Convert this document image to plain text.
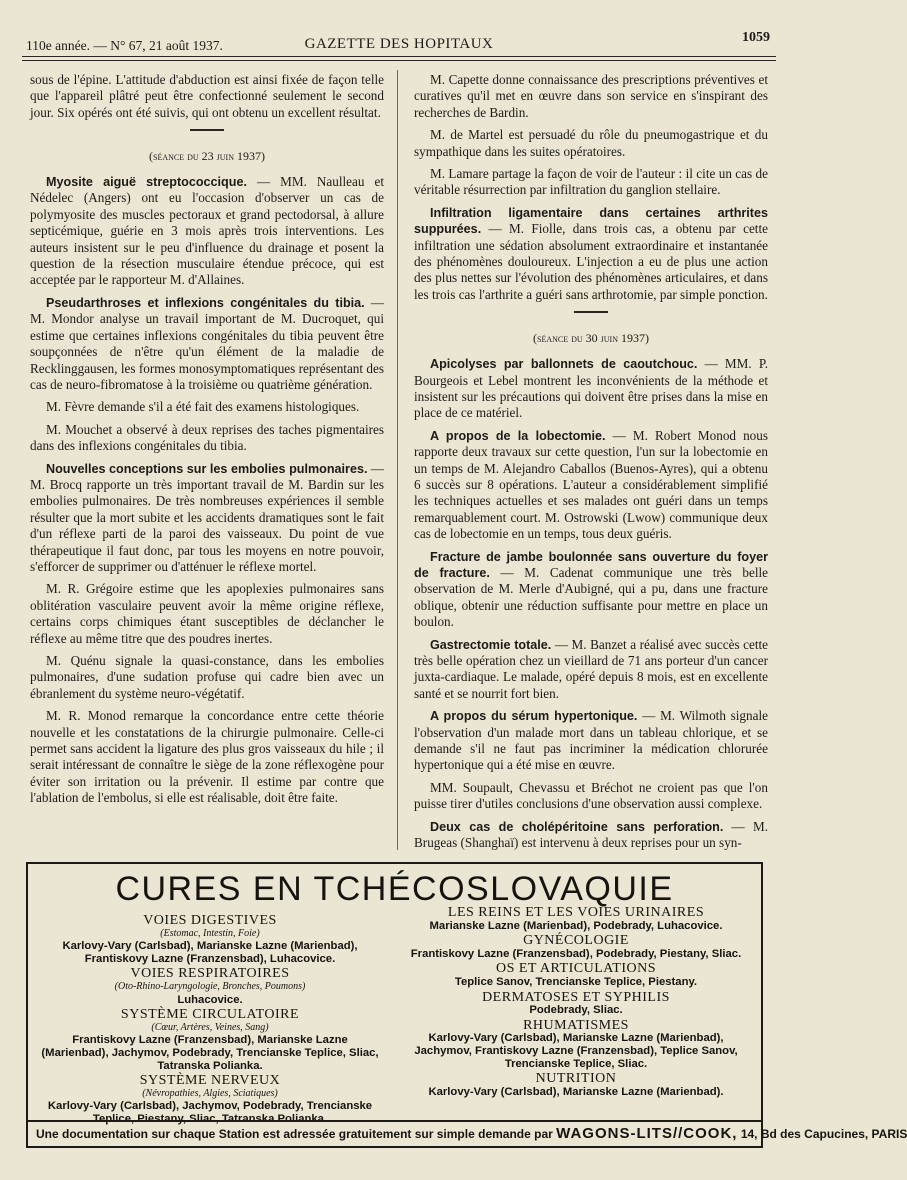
110e année. — N° 67, 21 août 1937.	GAZETTE DES HOPITAUX	1059

sous de l'épine. L'attitude d'abduction est ainsi fixée de façon telle que l'appareil plâtré peut être confectionné seulement le second jour. Six opérés ont été suivis, qui ont obtenu un excellent résultat.

(séance du 23 juin 1937)

Myosite aiguë streptococcique. — MM. Naulleau et Nédelec (Angers) ont eu l'occasion d'observer un cas de polymyosite des muscles pectoraux et grand pectodorsal, à allure septicémique, guérie en 3 mois après trois interventions. Les auteurs insistent sur le peu d'influence du drainage et posent la question de la résection musculaire étendue précoce, qui est acceptée par le rapporteur M. d'Allaines.

Pseudarthroses et inflexions congénitales du tibia. — M. Mondor analyse un travail important de M. Ducroquet, qui estime que certaines inflexions congénitales du tibia peuvent être soupçonnées de n'être qu'un élément de la maladie de Recklinggausen, les formes monosymptomatiques représentant des cas de neuro-fibromatose à la troisième ou quatrième génération.

M. Fèvre demande s'il a été fait des examens histologiques.

M. Mouchet a observé à deux reprises des taches pigmentaires dans des inflexions congénitales du tibia.

Nouvelles conceptions sur les embolies pulmonaires. — M. Brocq rapporte un très important travail de M. Bardin sur les embolies pulmonaires. De très nombreuses expériences il semble résulter que la mort subite et les accidents dramatiques sont le fait d'un réflexe parti de la paroi des vaisseaux. Du point de vue thérapeutique il faut donc, par tous les moyens en notre pouvoir, s'efforcer de supprimer ou d'atténuer le réflexe mortel.

M. R. Grégoire estime que les apoplexies pulmonaires sans oblitération vasculaire peuvent avoir la même origine réflexe, certains corps chimiques étant susceptibles de déclancher le réflexe au même titre que des poudres inertes.

M. Quénu signale la quasi-constance, dans les embolies pulmonaires, d'une sudation profuse qui cadre bien avec un ébranlement du système neuro-végétatif.

M. R. Monod remarque la concordance entre cette théorie nouvelle et les constatations de la chirurgie pulmonaire. Celle-ci permet sans accident la ligature des plus gros vaisseaux du hile ; il serait intéressant de connaître le siège de la zone réflexogène pour éviter son irritation ou la prévenir. Il estime par contre que l'ablation de l'embolus, si elle est réalisable, doit être faite.

M. Capette donne connaissance des prescriptions préventives et curatives qu'il met en œuvre dans son service en s'inspirant des recherches de Bardin.

M. de Martel est persuadé du rôle du pneumogastrique et du sympathique dans les suites opératoires.

M. Lamare partage la façon de voir de l'auteur : il cite un cas de véritable résurrection par infiltration du ganglion stellaire.

Infiltration ligamentaire dans certaines arthrites suppurées. — M. Fiolle, dans trois cas, a obtenu par cette infiltration une sédation absolument extraordinaire et instantanée des phénomènes douloureux. L'injection a eu de plus une action des plus nettes sur l'évolution des phénomènes articulaires, et dans les trois cas l'arthrite a guéri sans arthrotomie, par simple ponction.

(séance du 30 juin 1937)

Apicolyses par ballonnets de caoutchouc. — MM. P. Bourgeois et Lebel montrent les inconvénients de la méthode et insistent sur les précautions qui doivent être prises dans la mise en place de ce matériel.

A propos de la lobectomie. — M. Robert Monod nous rapporte deux travaux sur cette question, l'un sur la lobectomie en un temps de M. Alejandro Caballos (Buenos-Ayres), qui a obtenu 6 succès sur 8 opérations. L'auteur a considérablement simplifié les techniques actuelles et ses malades ont guéri dans un temps remarquablement court. M. Ostrowski (Lwow) communique deux cas de lobectomie en un temps, tous deux guéris.

Fracture de jambe boulonnée sans ouverture du foyer de fracture. — M. Cadenat communique une très belle observation de M. Merle d'Aubigné, qui a pu, dans une fracture oblique, obtenir une réduction suffisante pour mettre en place un boulon.

Gastrectomie totale. — M. Banzet a réalisé avec succès cette très belle opération chez un vieillard de 71 ans porteur d'un cancer juxta-cardiaque. Le malade, opéré depuis 8 mois, est en excellente santé et se nourrit fort bien.

A propos du sérum hypertonique. — M. Wilmoth signale l'observation d'un malade mort dans un tableau chlorique, et se demande s'il ne faut pas incriminer la médication chlorurée hypertonique qui a été mise en œuvre.

MM. Soupault, Chevassu et Bréchot ne croient pas que l'on puisse tirer d'utiles conclusions d'une observation aussi complexe.

Deux cas de cholépéritoine sans perforation. — M. Brugeas (Shanghaï) est intervenu à deux reprises pour un syn-

CURES EN TCHÉCOSLOVAQUIE
VOIES DIGESTIVES
(Estomac, Intestin, Foie)
Karlovy-Vary (Carlsbad), Marianske Lazne (Marienbad), Frantiskovy Lazne (Franzensbad), Luhacovice.
VOIES RESPIRATOIRES
(Oto-Rhino-Laryngologie, Bronches, Poumons)
Luhacovice.
SYSTÈME CIRCULATOIRE
(Cœur, Artères, Veines, Sang)
Frantiskovy Lazne (Franzensbad), Marianske Lazne (Marienbad), Jachymov, Podebrady, Trencianske Teplice, Sliac, Tatranska Polianka.
SYSTÈME NERVEUX
(Névropathies, Algies, Sciatiques)
Karlovy-Vary (Carlsbad), Jachymov, Podebrady, Trencianske Teplice, Piestany, Sliac, Tatranska Polianka.
LES REINS ET LES VOIES URINAIRES
Marianske Lazne (Marienbad), Podebrady, Luhacovice.
GYNÉCOLOGIE
Frantiskovy Lazne (Franzensbad), Podebrady, Piestany, Sliac.
OS ET ARTICULATIONS
Teplice Sanov, Trencianske Teplice, Piestany.
DERMATOSES ET SYPHILIS
Podebrady, Sliac.
RHUMATISMES
Karlovy-Vary (Carlsbad), Marianske Lazne (Marienbad), Jachymov, Frantiskovy Lazne (Franzensbad), Teplice Sanov, Trencianske Teplice, Sliac.
NUTRITION
Karlovy-Vary (Carlsbad), Marianske Lazne (Marienbad).
Une documentation sur chaque Station est adressée gratuitement sur simple demande par WAGONS-LITS//COOK, 14, Bd des Capucines, PARIS
